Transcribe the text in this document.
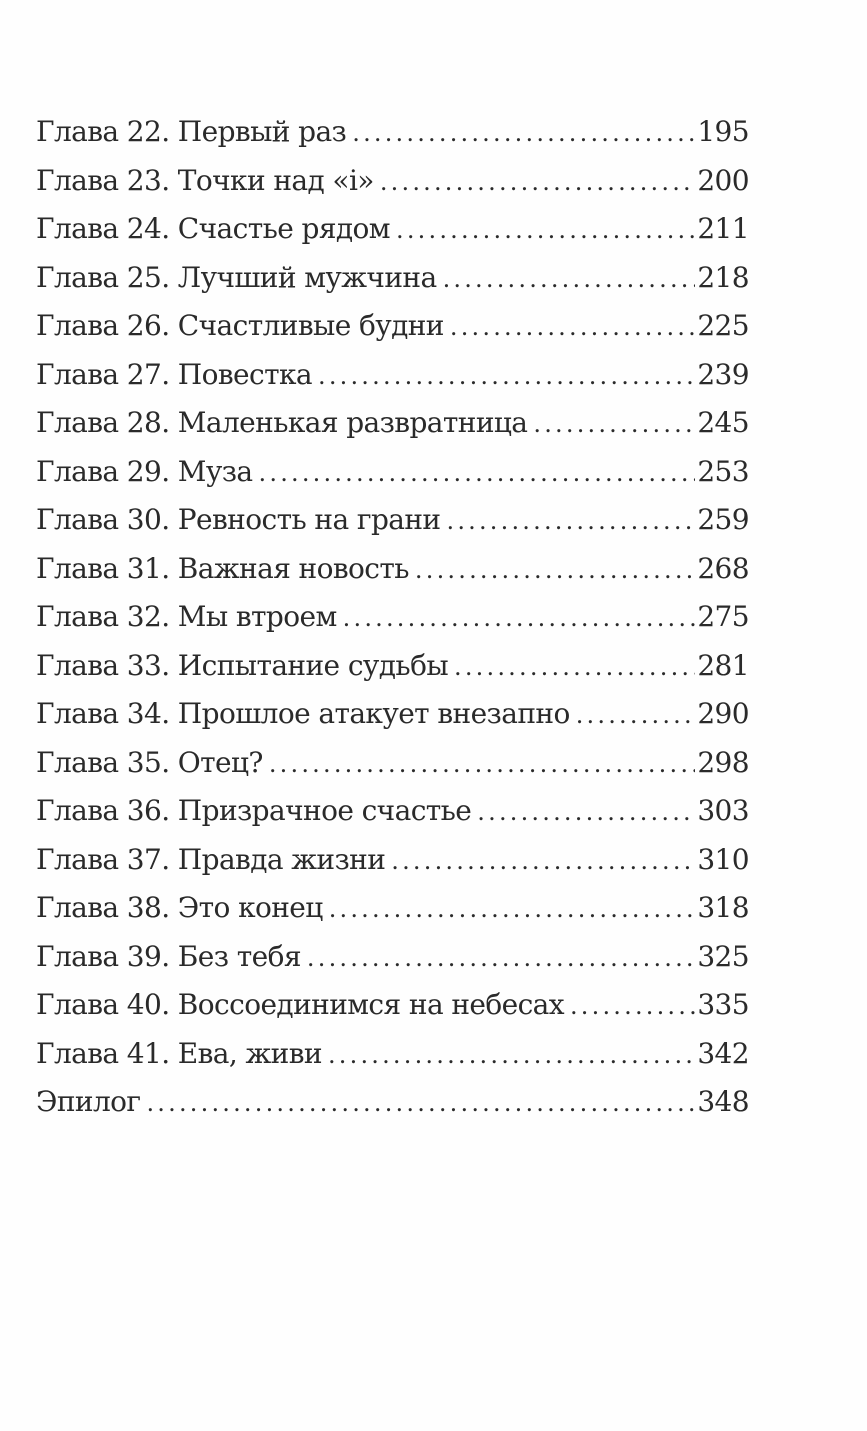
Глава 22. Первый раз .....	195
Глава 23. Точки над «і» .....	200
Глава 24. Счастье рядом .....	211
Глава 25. Лучший мужчина .....	218
Глава 26. Счастливые будни .....	225
Глава 27. Повестка .....	239
Глава 28. Маленькая развратница .....	245
Глава 29. Муза .....	253
Глава 30. Ревность на грани .....	259
Глава 31. Важная новость .....	268
Глава 32. Мы втроем .....	275
Глава 33. Испытание судьбы .....	281
Глава 34. Прошлое атакует внезапно .....	290
Глава 35. Отец? .....	298
Глава 36. Призрачное счастье .....	303
Глава 37. Правда жизни .....	310
Глава 38. Это конец .....	318
Глава 39. Без тебя .....	325
Глава 40. Воссоединимся на небесах .....	335
Глава 41. Ева, живи .....	342
Эпилог .....	348
